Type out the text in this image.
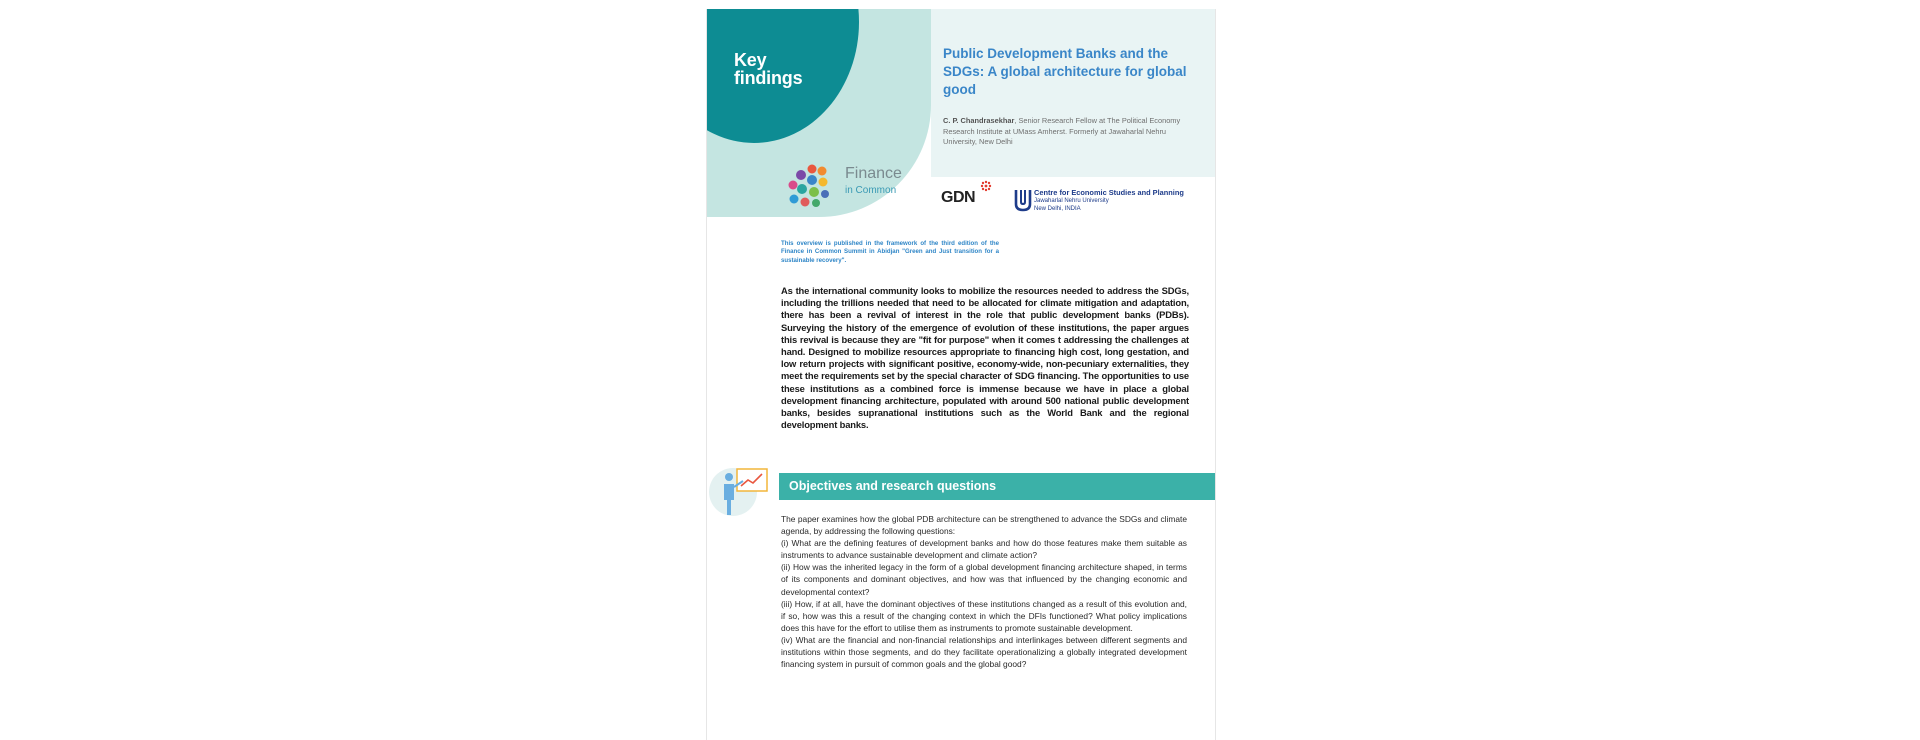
Key
findings
Public Development Banks and the SDGs: A global architecture for global good
C. P. Chandrasekhar, Senior Research Fellow at The Political Economy Research Institute at UMass Amherst. Formerly at Jawaharlal Nehru University, New Delhi
Finance
in Common	GDN	Centre for Economic Studies and Planning
Jawaharlal Nehru University
New Delhi, INDIA
This overview is published in the framework of the third edition of the Finance in Common Summit in Abidjan "Green and Just transition for a sustainable recovery".
As the international community looks to mobilize the resources needed to address the SDGs, including the trillions needed that need to be allocated for climate mitigation and adaptation, there has been a revival of interest in the role that public development banks (PDBs). Surveying the history of the emergence of evolution of these institutions, the paper argues this revival is because they are "fit for purpose" when it comes t addressing the challenges at hand. Designed to mobilize resources appropriate to financing high cost, long gestation, and low return projects with significant positive, economy-wide, non-pecuniary externalities, they meet the requirements set by the special character of SDG financing. The opportunities to use these institutions as a combined force is immense because we have in place a global development financing architecture, populated with around 500 national public development banks, besides supranational institutions such as the World Bank and the regional development banks.
Objectives and research questions

The paper examines how the global PDB architecture can be strengthened to advance the SDGs and climate agenda, by addressing the following questions:

(i) What are the defining features of development banks and how do those features make them suitable as instruments to advance sustainable development and climate action?

(ii) How was the inherited legacy in the form of a global development financing architecture shaped, in terms of its components and dominant objectives, and how was that influenced by the changing economic and developmental context?

(iii) How, if at all, have the dominant objectives of these institutions changed as a result of this evolution and, if so, how was this a result of the changing context in which the DFIs functioned? What policy implications does this have for the effort to utilise them as instruments to promote sustainable development.

(iv) What are the financial and non-financial relationships and interlinkages between different segments and institutions within those segments, and do they facilitate operationalizing a globally integrated development financing system in pursuit of common goals and the global good?
